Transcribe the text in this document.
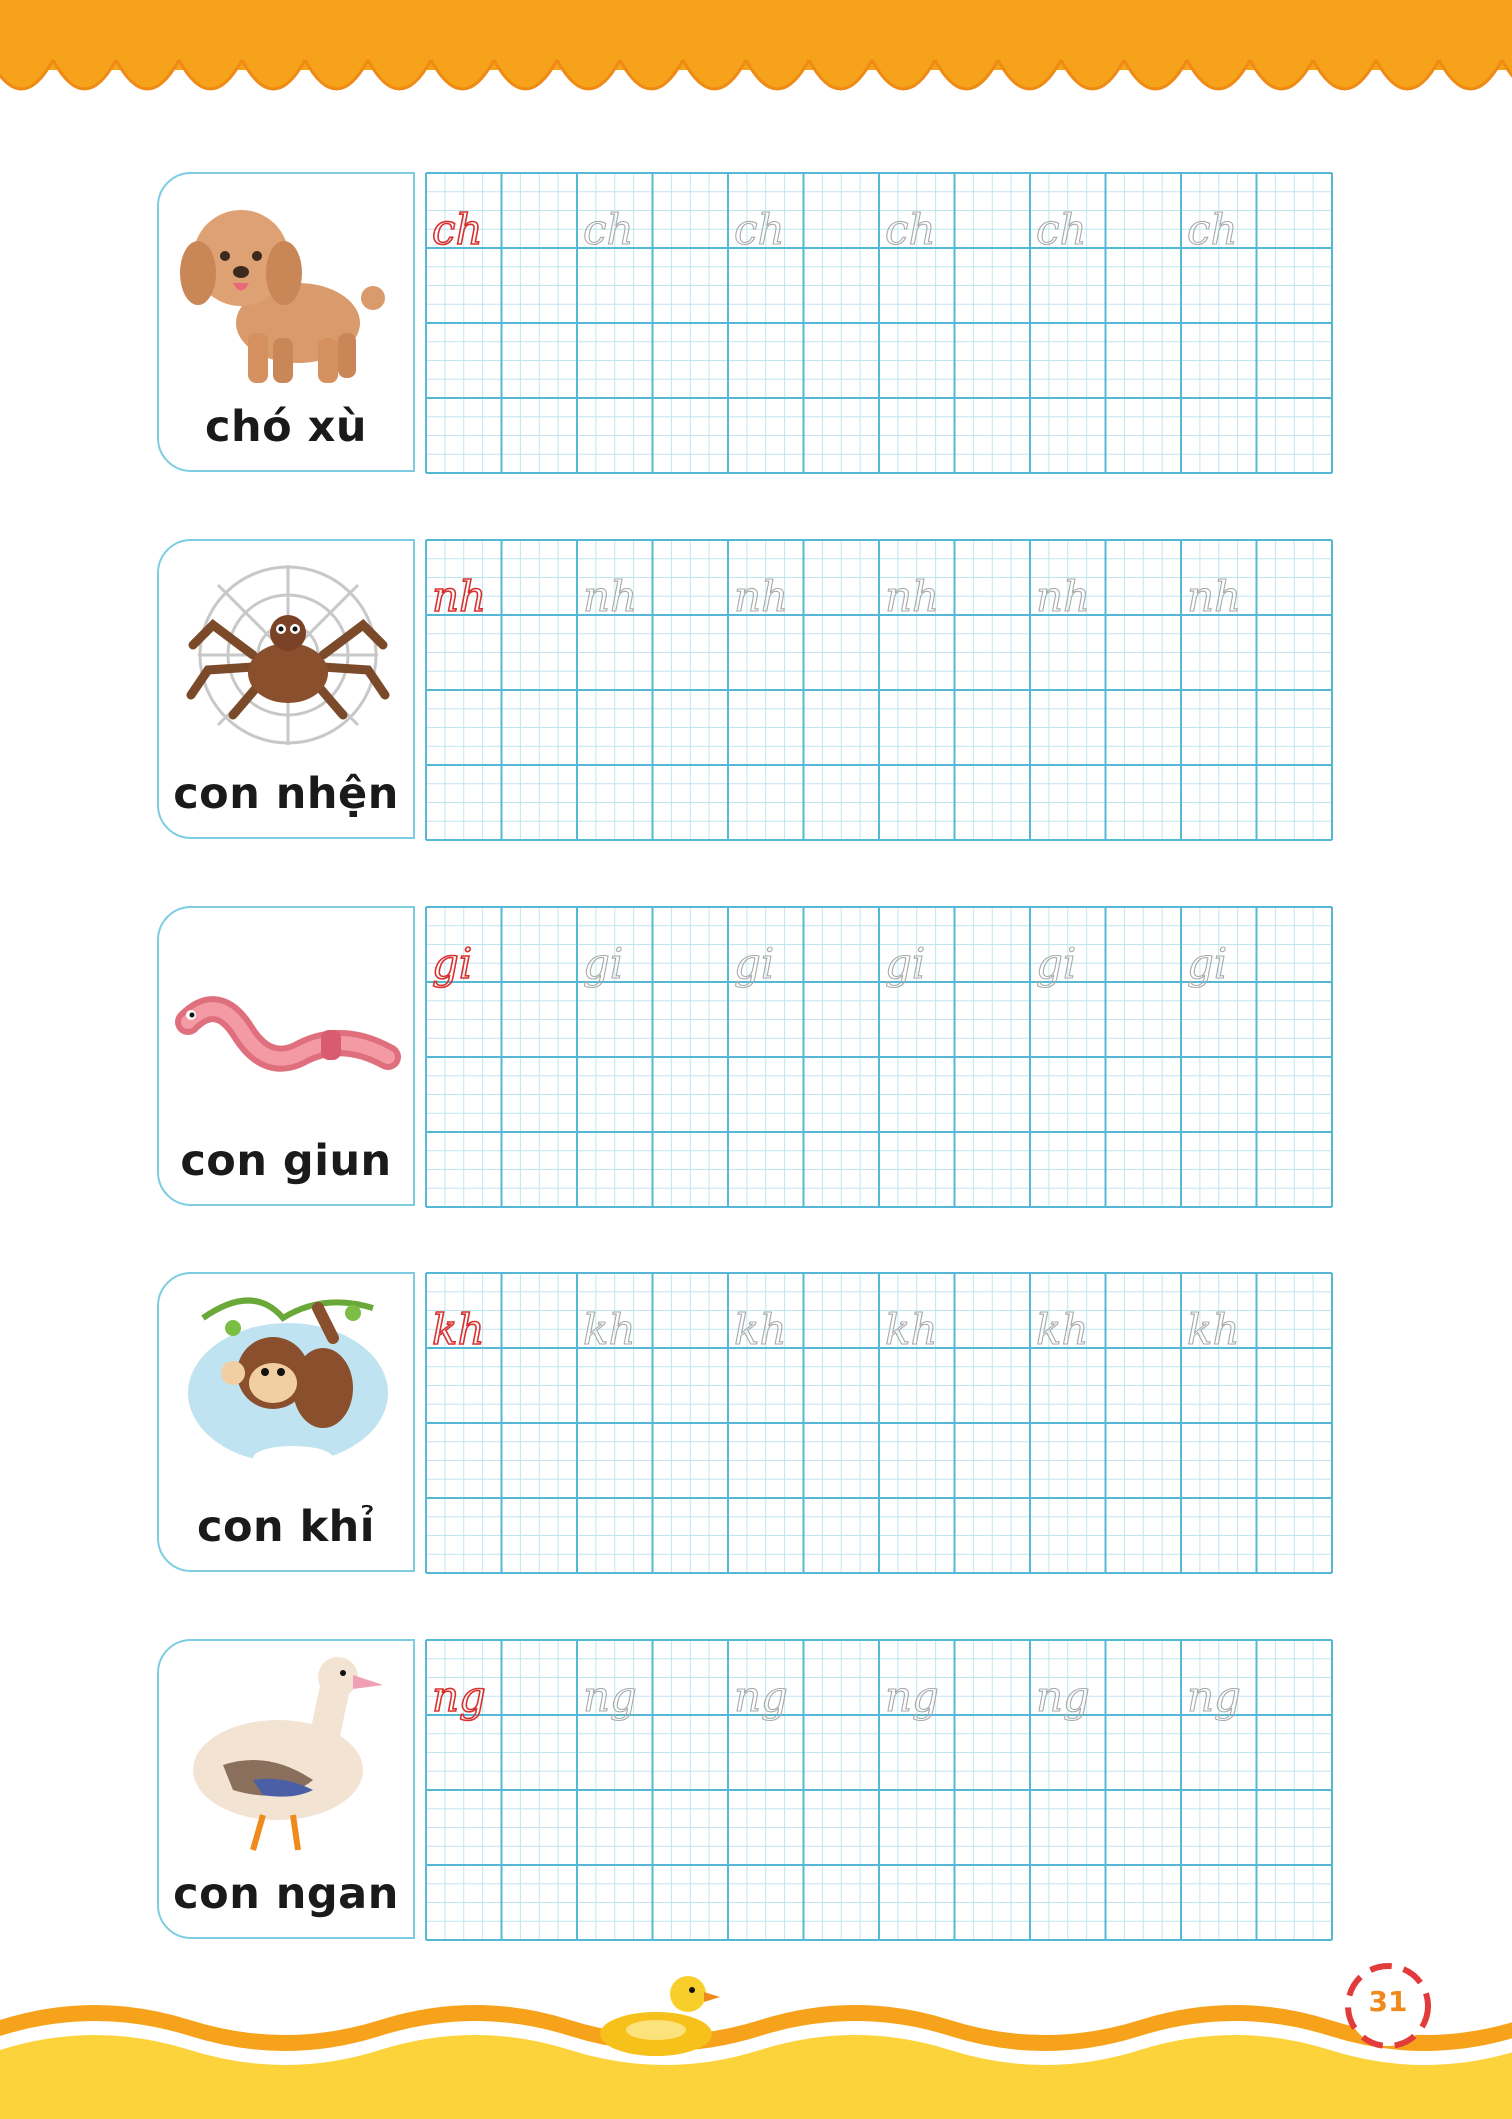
chó xù
ch ch ch ch ch ch
con nhện
nh nh nh nh nh nh
con giun
gi	gi	gi	gi	gi	gi
con khỉ
kh kh kh kh kh kh
con ngan
ng ng ng ng ng ng
31
